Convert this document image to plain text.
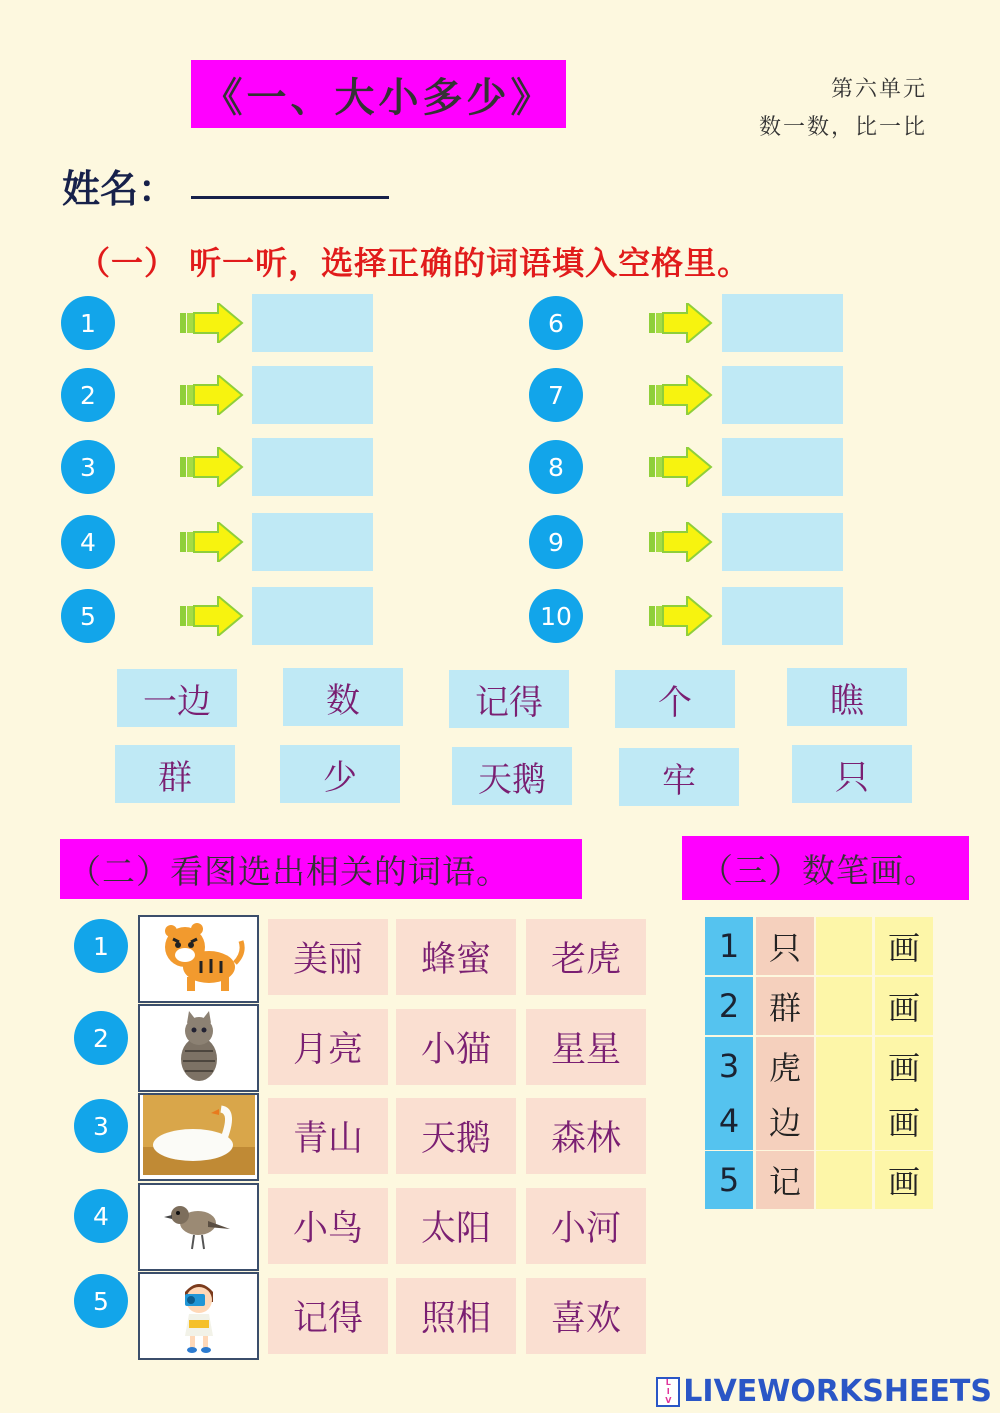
《一、大小多少》	第六单元
数一数，比一比
姓名：
（一） 听一听，选择正确的词语填入空格里。
1
2
3
4
5
6
7
8
9
10
一边	数	记得	个	瞧
群	少	天鹅	牢	只
（二）看图选出相关的词语。
1	美丽	蜂蜜	老虎
2	月亮	小猫	星星
3	青山	天鹅	森林
4	小鸟	太阳	小河
5	记得	照相	喜欢
（三）数笔画。
1 只	画
2 群	画
3 虎	画
4 边	画
5 记	画
L
I
V LIVEWORKSHEETS
